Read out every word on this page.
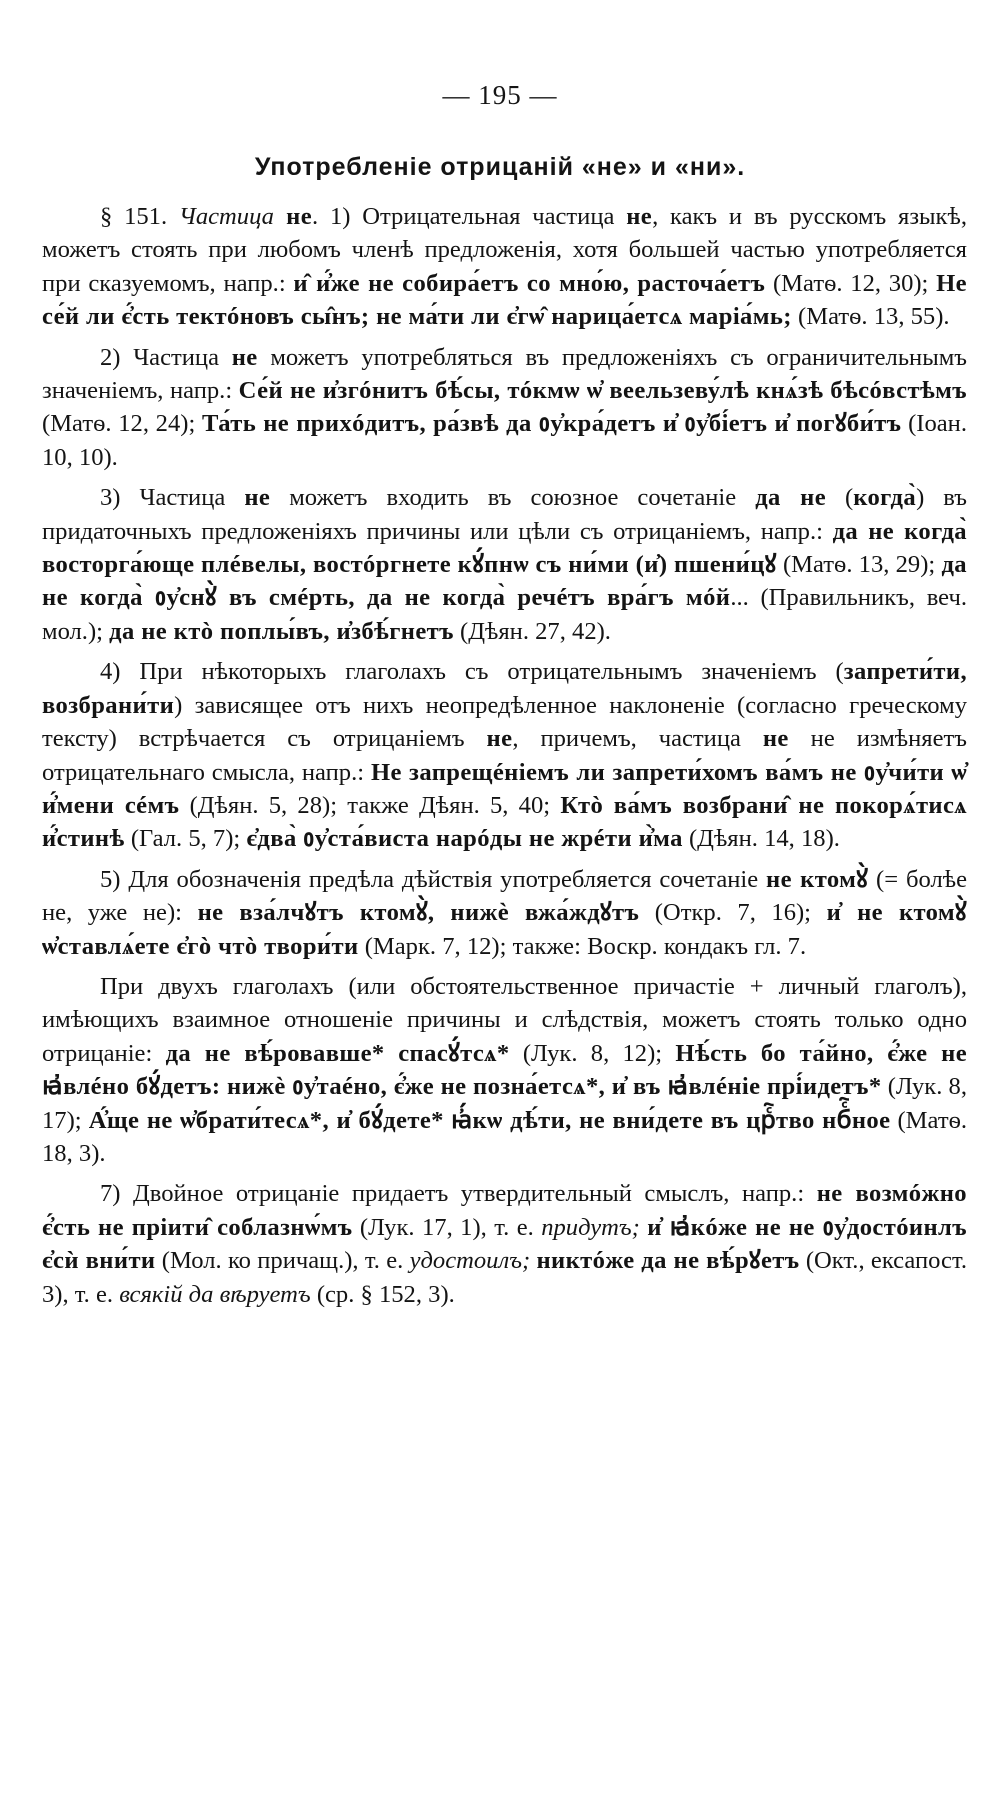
— 195 —
Употребленіе отрицаній «не» и «ни».

§ 151. Частица не. 1) Отрицательная частица не, какъ и въ русскомъ языкѣ, можетъ стоять при любомъ членѣ предложенія, хотя большей частью употребляется при сказуемомъ, напр.: и̂ и҆́же не собира́етъ со мно́ю, расточа́етъ (Матѳ. 12, 30); Не се́й ли є҆́сть тектóновъ сы̂нъ; не ма́ти ли є҆гѡ̂ нарица́етсѧ маріа́мь; (Матѳ. 13, 55).

2) Частица не можетъ употребляться въ предложеніяхъ съ ограничительнымъ значеніемъ, напр.: Се́й не и҆згóнитъ бѣ́сы, тóкмѡ ѡ҆ веельзеву́лѣ кнѧ́зѣ бѣсóвстѣмъ (Матѳ. 12, 24); Та́ть не прихóдитъ, ра́звѣ да ᲂу҆кра́детъ и҆ ᲂу҆бі́етъ и҆ погꙋби́тъ (Іоан. 10, 10).

3) Частица не можетъ входить въ союзное сочетаніе да не (когда̀) въ придаточныхъ предложеніяхъ причины или цѣли съ отрицаніемъ, напр.: да не когда̀ восторга́юще плéвелы, востóргнете кꙋ́пнѡ съ ни́ми (и҆) пшени́цꙋ (Матѳ. 13, 29); да не когда̀ ᲂу҆снꙋ̀ въ смéрть, да не когда̀ речéтъ вра́гъ мóй... (Правильникъ, веч. мол.); да не ктò поплы́въ, и҆збѣ́гнетъ (Дѣян. 27, 42).

4) При нѣкоторыхъ глаголахъ съ отрицательнымъ значеніемъ (запрети́ти, возбрани́ти) зависящее отъ нихъ неопредѣленное наклоненіе (согласно греческому тексту) встрѣчается съ отрицаніемъ не, причемъ, частица не не измѣняетъ отрицательнаго смысла, напр.: Не запрещéніемъ ли запрети́хомъ ва́мъ не ᲂу҆чи́ти ѡ҆ и҆́мени сéмъ (Дѣян. 5, 28); также Дѣян. 5, 40; Ктò ва́мъ возбрани̂ не покорѧ́тисѧ и҆́стинѣ (Гал. 5, 7); є҆два̀ ᲂу҆ста́виста нарóды не жрéти и҆̀ма (Дѣян. 14, 18).

5) Для обозначенія предѣла дѣйствія употребляется сочетаніе не ктомꙋ̀ (= болѣе не, уже не): не вза́лчꙋтъ ктомꙋ̀, нижѐ вжа́ждꙋтъ (Откр. 7, 16); и҆ не ктомꙋ̀ ѡ҆ставлѧ́ете є҆гò чтò твори́ти (Марк. 7, 12); также: Воскр. кондакъ гл. 7.

При двухъ глаголахъ (или обстоятельственное причастіе + личный глаголъ), имѣющихъ взаимное отношеніе причины и слѣдствія, можетъ стоять только одно отрицаніе: да не вѣ́ровавше* спасꙋ́тсѧ* (Лук. 8, 12); Нѣ́сть бо та́йно, є҆́же не ꙗ҆влéно бꙋ́детъ: нижѐ ᲂу҆таéно, є҆́же не позна́етсѧ*, и҆ въ ꙗ҆влéніе прі́идетъ* (Лук. 8, 17); А҆́ще не ѡ҆брати́тесѧ*, и҆ бꙋ́дете* ꙗ҆́кѡ дѣ́ти, не вни́дете въ црⷭ҇тво нбⷭ҇ное (Матѳ. 18, 3).

7) Двойное отрицаніе придаетъ утвердительный смыслъ, напр.: не возмóжно є҆́сть не пріити̂ соблазнѡ́мъ (Лук. 17, 1), т. е. придутъ; и҆ ꙗ҆кóже не не ᲂу҆достóинлъ є҆сѝ вни́ти (Мол. ко причащ.), т. е. удостоилъ; никтóже да не вѣ́рꙋетъ (Окт., ексапост. 3), т. е. всякій да вѣруетъ (ср. § 152, 3).
